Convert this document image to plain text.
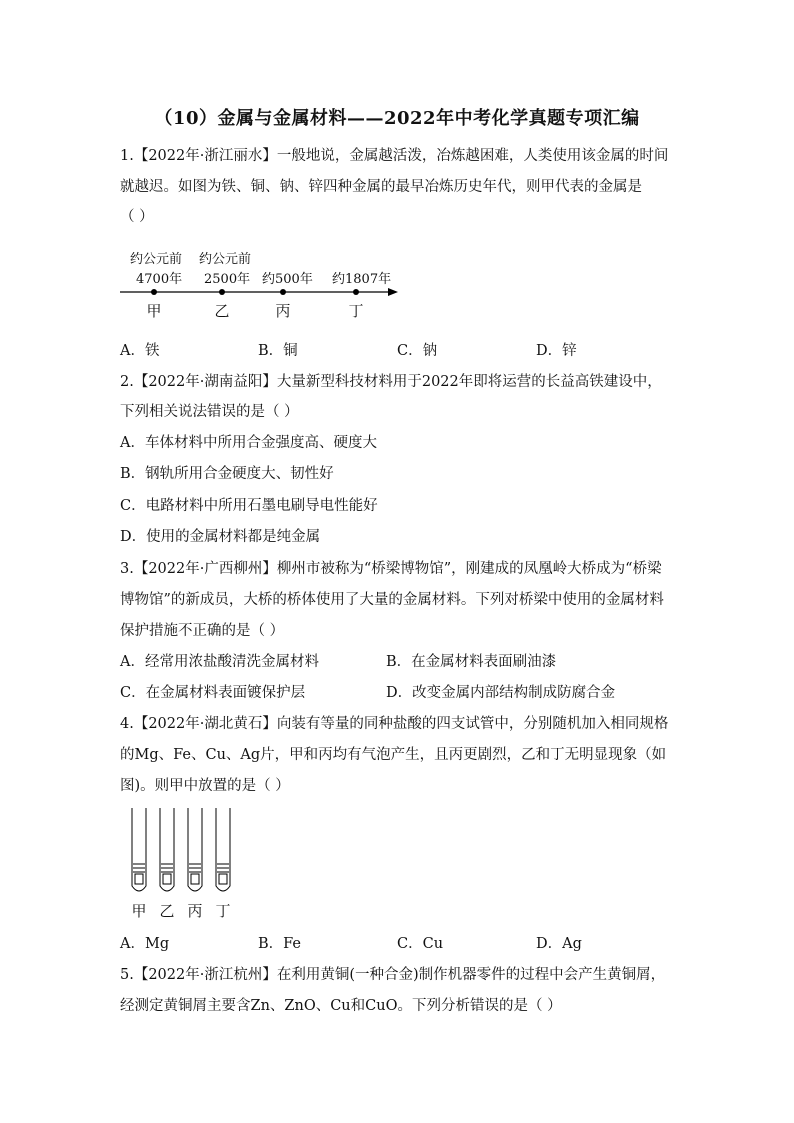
（10）金属与金属材料——2022年中考化学真题专项汇编
1.【2022年·浙江丽水】一般地说，金属越活泼，冶炼越困难，人类使用该金属的时间
就越迟。如图为铁、铜、钠、锌四种金属的最早冶炼历史年代，则甲代表的金属是
（ ）
约公元前 约公元前
4700年 2500年 约500年 约1807年
甲	乙	丙	丁
A．铁	B．铜	C．钠	D．锌
2.【2022年·湖南益阳】大量新型科技材料用于2022年即将运营的长益高铁建设中，
下列相关说法错误的是（ ）
A．车体材料中所用合金强度高、硬度大
B．钢轨所用合金硬度大、韧性好
C．电路材料中所用石墨电刷导电性能好
D．使用的金属材料都是纯金属
3.【2022年·广西柳州】柳州市被称为“桥梁博物馆”，刚建成的凤凰岭大桥成为“桥梁
博物馆”的新成员，大桥的桥体使用了大量的金属材料。下列对桥梁中使用的金属材料
保护措施不正确的是（ ）
A．经常用浓盐酸清洗金属材料	B．在金属材料表面刷油漆
C．在金属材料表面镀保护层	D．改变金属内部结构制成防腐合金
4.【2022年·湖北黄石】向装有等量的同种盐酸的四支试管中，分别随机加入相同规格
的Mg、Fe、Cu、Ag片，甲和丙均有气泡产生，且丙更剧烈，乙和丁无明显现象（如
图)。则甲中放置的是（ ）
甲 乙 丙 丁
A．Mg	B．Fe	C．Cu	D．Ag
5.【2022年·浙江杭州】在利用黄铜(一种合金)制作机器零件的过程中会产生黄铜屑，
经测定黄铜屑主要含Zn、ZnO、Cu和CuO。下列分析错误的是（ ）
